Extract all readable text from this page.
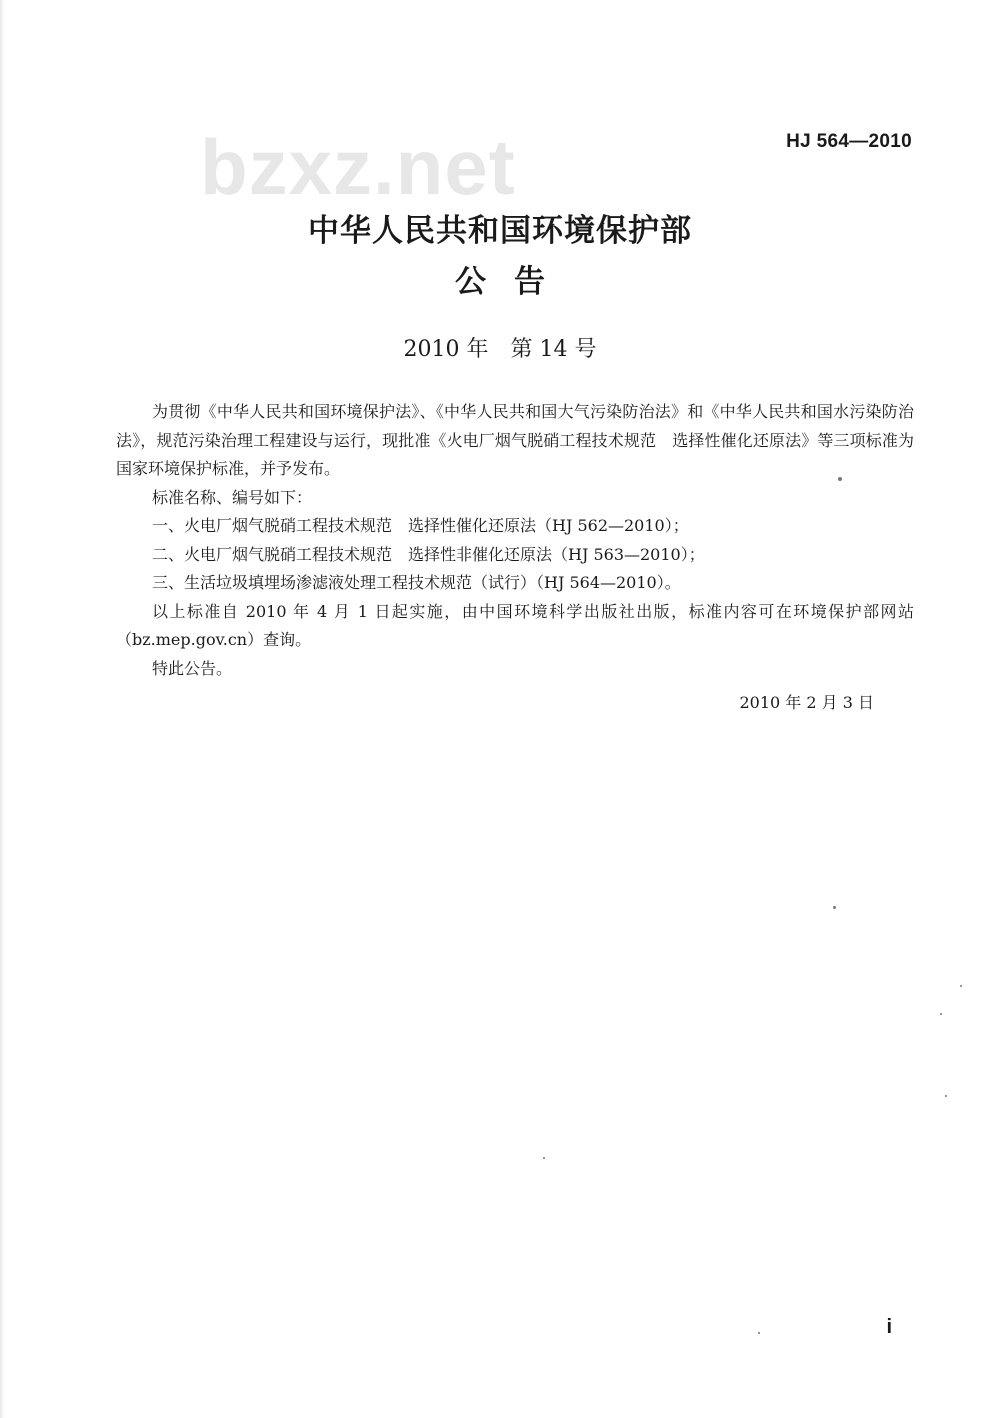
bzxz.net	HJ 564—2010
中华人民共和国环境保护部
公告
2010 年　第 14 号

为贯彻《中华人民共和国环境保护法》、《中华人民共和国大气污染防治法》和《中华人民共和国水污染防治法》，规范污染治理工程建设与运行，现批准《火电厂烟气脱硝工程技术规范　选择性催化还原法》等三项标准为国家环境保护标准，并予发布。

标准名称、编号如下：

一、火电厂烟气脱硝工程技术规范　选择性催化还原法（HJ 562—2010）；

二、火电厂烟气脱硝工程技术规范　选择性非催化还原法（HJ 563—2010）；

三、生活垃圾填埋场渗滤液处理工程技术规范（试行）（HJ 564—2010）。

以上标准自 2010 年 4 月 1 日起实施，由中国环境科学出版社出版，标准内容可在环境保护部网站（bz.mep.gov.cn）查询。

特此公告。

2010 年 2 月 3 日
i
